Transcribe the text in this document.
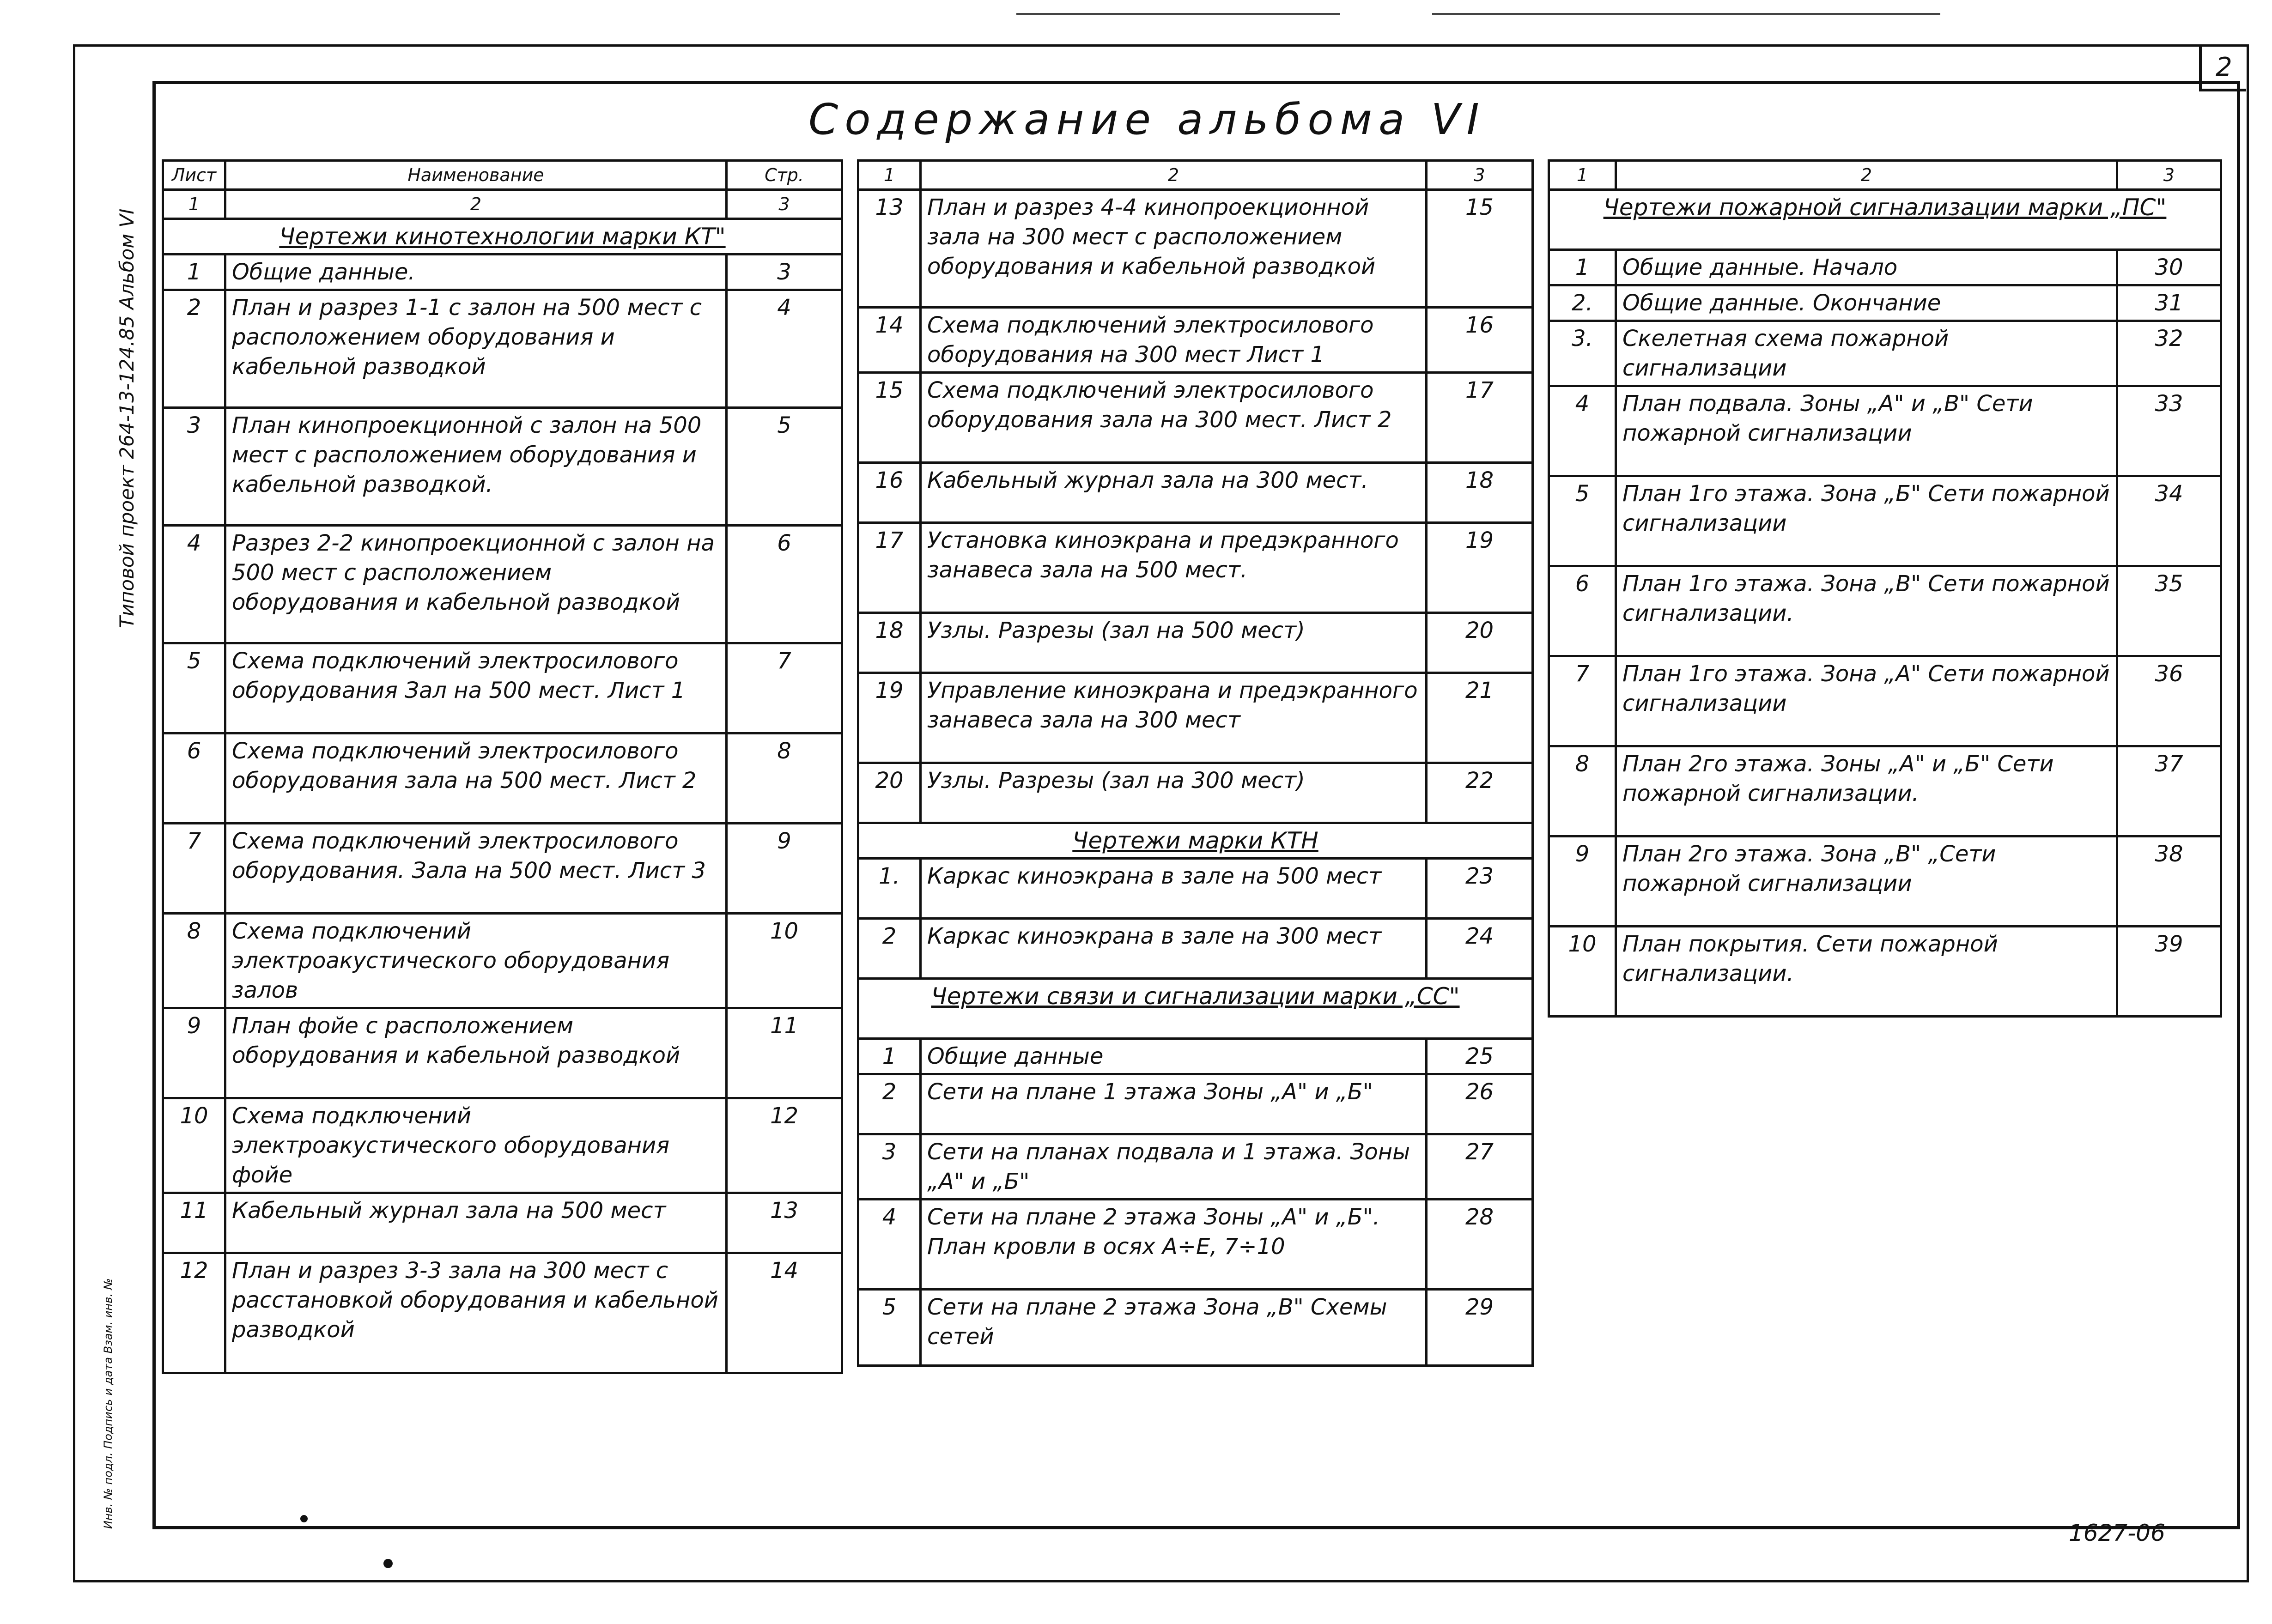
2
Содержание альбома VI
Типовой проект 264-13-124.85 Альбом VI
Инв. № подл. Подпись и дата Взам. инв. №
1627-06
Лист	Наименование	Стр.
1	2	3
Чертежи кинотехнологии марки КТ"		
1	Общие данные.	3
2	План и разрез 1-1 с залон на 500 мест с расположением оборудования и кабельной разводкой	4
3	План кинопроекционной с залон на 500 мест с расположением оборудования и кабельной разводкой.	5
4	Разрез 2-2 кинопроекционной с залон на 500 мест с расположением оборудования и кабельной разводкой	6
5	Схема подключений электросилового оборудования Зал на 500 мест. Лист 1	7
6	Схема подключений электросилового оборудования зала на 500 мест. Лист 2	8
7	Схема подключений электросилового оборудования. Зала на 500 мест. Лист 3	9
8	Схема подключений электроакустического оборудования залов	10
9	План фойе с расположением оборудования и кабельной разводкой	11
10	Схема подключений электроакустического оборудования фойе	12
11	Кабельный журнал зала на 500 мест	13
12	План и разрез 3-3 зала на 300 мест с расстановкой оборудования и кабельной разводкой	14
1	2	3
13	План и разрез 4-4 кинопроекционной зала на 300 мест с расположением оборудования и кабельной разводкой	15
14	Схема подключений электросилового оборудования на 300 мест Лист 1	16
15	Схема подключений электросилового оборудования зала на 300 мест. Лист 2	17
16	Кабельный журнал зала на 300 мест.	18
17	Установка киноэкрана и предэкранного занавеса зала на 500 мест.	19
18	Узлы. Разрезы (зал на 500 мест)	20
19	Управление киноэкрана и предэкранного занавеса зала на 300 мест	21
20	Узлы. Разрезы (зал на 300 мест)	22
Чертежи марки КТН		
1.	Каркас киноэкрана в зале на 500 мест	23
2	Каркас киноэкрана в зале на 300 мест	24
Чертежи связи и сигнализации марки „СС"		
1	Общие данные	25
2	Сети на плане 1 этажа Зоны „А" и „Б"	26
3	Сети на планах подвала и 1 этажа. Зоны „А" и „Б"	27
4	Сети на плане 2 этажа Зоны „А" и „Б". План кровли в осях А÷Е, 7÷10	28
5	Сети на плане 2 этажа Зона „В" Схемы сетей	29
1	2	3
Чертежи пожарной сигнализации марки „ПС"		
1	Общие данные. Начало	30
2.	Общие данные. Окончание	31
3.	Скелетная схема пожарной сигнализации	32
4	План подвала. Зоны „А" и „В" Сети пожарной сигнализации	33
5	План 1го этажа. Зона „Б" Сети пожарной сигнализации	34
6	План 1го этажа. Зона „В" Сети пожарной сигнализации.	35
7	План 1го этажа. Зона „А" Сети пожарной сигнализации	36
8	План 2го этажа. Зоны „А" и „Б" Сети пожарной сигнализации.	37
9	План 2го этажа. Зона „В" „Сети пожарной сигнализации	38
10	План покрытия. Сети пожарной сигнализации.	39
